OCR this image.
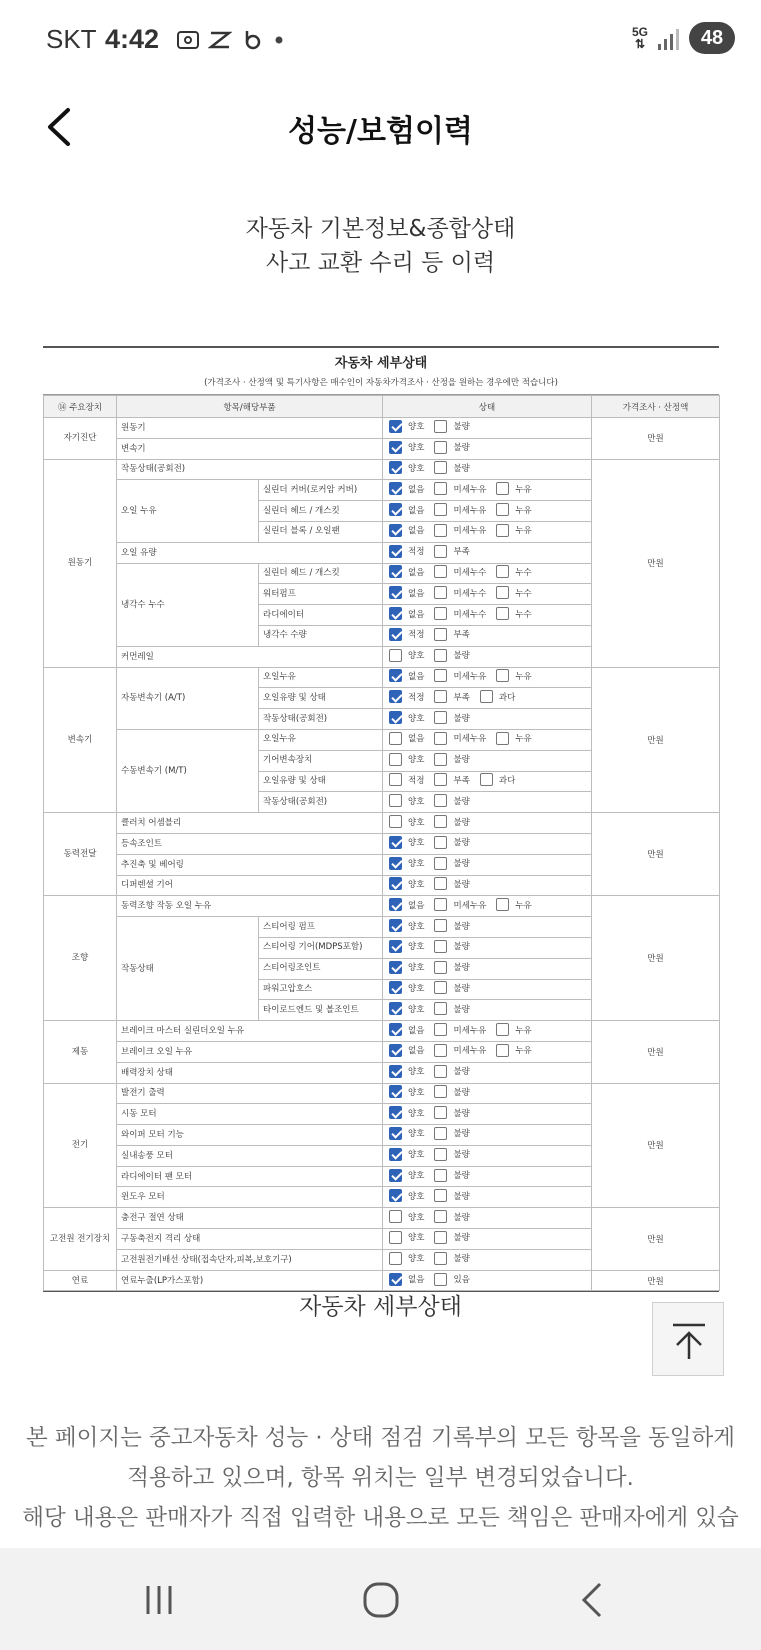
SKT 4:42	5G
⇅	48
성능/보험이력
자동차 기본정보&종합상태
사고 교환 수리 등 이력
자동차 세부상태
(가격조사 · 산정액 및 특기사항은 매수인이 자동차가격조사 · 산정을 원하는 경우에만 적습니다)
⑭ 주요장치	항목/해당부품		상태	가격조사 · 산정액
자기진단	원동기		양호 불량	만원
	변속기		양호 불량	

원동기	작동상태(공회전)		양호 불량	만원
	오일 누유	실린더 커버(로커암 커버)	없음 미세누유 누유	

		실린더 헤드 / 개스킷	없음 미세누유 누유	

		실린더 블록 / 오일팬	없음 미세누유 누유	

	오일 유량		적정 부족	

	냉각수 누수	실린더 헤드 / 개스킷	없음 미세누수 누수	

		워터펌프	없음 미세누수 누수	

		라디에이터	없음 미세누수 누수	

		냉각수 수량	적정 부족	

	커먼레일		양호 불량	

변속기	자동변속기 (A/T)	오일누유	없음 미세누유 누유	만원
		오일유량 및 상태	적정 부족 과다	

		작동상태(공회전)	양호 불량	

	수동변속기 (M/T)	오일누유	없음 미세누유 누유	

		기어변속장치	양호 불량	

		오일유량 및 상태	적정 부족 과다	

		작동상태(공회전)	양호 불량	

동력전달	클러치 어셈블리		양호 불량	만원
	등속조인트		양호 불량	

	추진축 및 베어링		양호 불량	

	디퍼렌셜 기어		양호 불량	

조향	동력조향 작동 오일 누유		없음 미세누유 누유	만원
	작동상태	스티어링 펌프	양호 불량	

		스티어링 기어(MDPS포함)	양호 불량	

		스티어링조인트	양호 불량	

		파워고압호스	양호 불량	

		타이로드엔드 및 볼조인트	양호 불량	

제동	브레이크 마스터 실린더오일 누유		없음 미세누유 누유	만원
	브레이크 오일 누유		없음 미세누유 누유	

	배력장치 상태		양호 불량	

전기	발전기 출력		양호 불량	만원
	시동 모터		양호 불량	

	와이퍼 모터 기능		양호 불량	

	실내송풍 모터		양호 불량	

	라디에이터 팬 모터		양호 불량	

	윈도우 모터		양호 불량	

고전원 전기장치	충전구 절연 상태		양호 불량	만원
	구동축전지 격리 상태		양호 불량	

	고전원전기배선 상태(접속단자,피복,보호기구)		양호 불량	

연료	연료누출(LP가스포함)		없음 있음	만원
자동차 세부상태
본 페이지는 중고자동차 성능 · 상태 점검 기록부의 모든 항목을 동일하게
적용하고 있으며, 항목 위치는 일부 변경되었습니다.
해당 내용은 판매자가 직접 입력한 내용으로 모든 책임은 판매자에게 있습
